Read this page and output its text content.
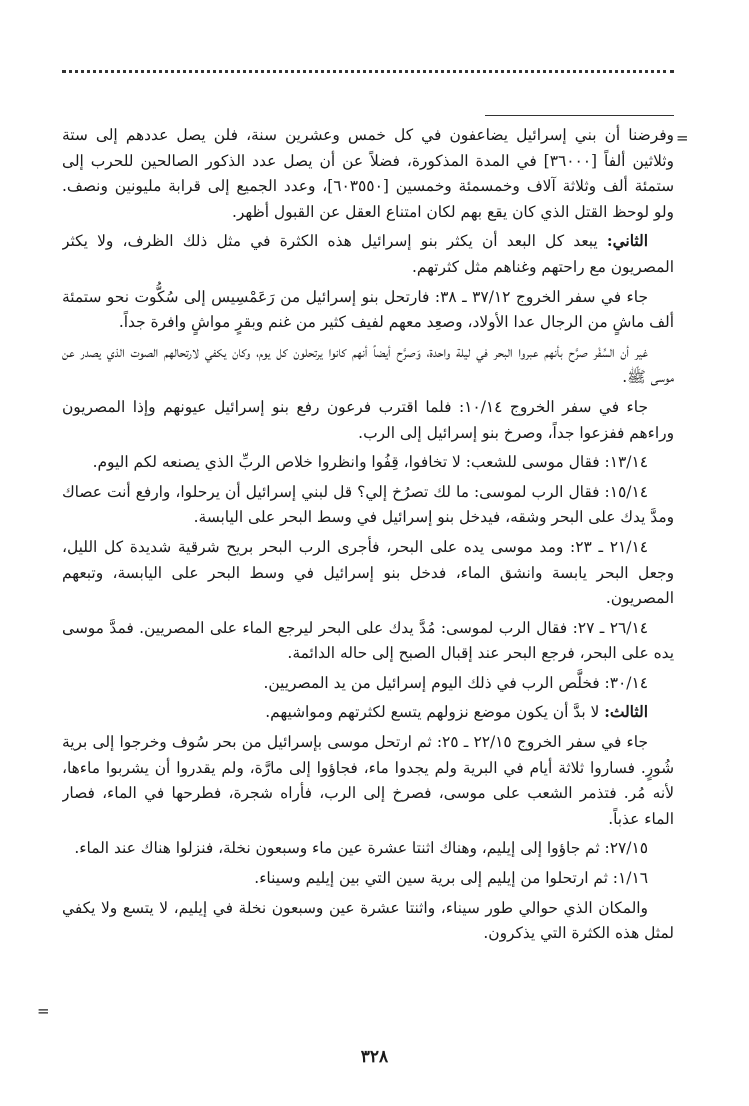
=

وفرضنا أن بني إسرائيل يضاعفون في كل خمس وعشرين سنة، فلن يصل عددهم إلى ستة وثلاثين ألفاً [٣٦٠٠٠] في المدة المذكورة، فضلاً عن أن يصل عدد الذكور الصالحين للحرب إلى ستمئة ألف وثلاثة آلاف وخمسمئة وخمسين [٦٠٣٥٥٠]، وعدد الجميع إلى قرابة مليونين ونصف. ولو لوحظ القتل الذي كان يقع بهم لكان امتناع العقل عن القبول أظهر.

الثاني: يبعد كل البعد أن يكثر بنو إسرائيل هذه الكثرة في مثل ذلك الظرف، ولا يكثر المصريون مع راحتهم وغناهم مثل كثرتهم.

جاء في سفر الخروج ٣٧/١٢ ـ ٣٨: فارتحل بنو إسرائيل من رَعَمْسِيس إلى سُكُّوت نحو ستمئة ألف ماشٍ من الرجال عدا الأولاد، وصعِد معهم لفيف كثير من غنم وبقرٍ مواشٍ وافرة جداً.

غير أن السِّفْر صرَّح بأنهم عبروا البحر في ليلة واحدة، وَصرَّح أيضاً أنهم كانوا يرتحلون كل يوم، وكان يكفي لارتحالهم الصوت الذي يصدر عن موسى ﷺ.

جاء في سفر الخروج ١٠/١٤: فلما اقترب فرعون رفع بنو إسرائيل عيونهم وإذا المصريون وراءهم ففزعوا جداً، وصرخ بنو إسرائيل إلى الرب.

١٣/١٤: فقال موسى للشعب: لا تخافوا، قِفُوا وانظروا خلاص الربِّ الذي يصنعه لكم اليوم.

١٥/١٤: فقال الرب لموسى: ما لك تصرُخ إلي؟ قل لبني إسرائيل أن يرحلوا، وارفع أنت عصاك ومدَّ يدك على البحر وشقه، فيدخل بنو إسرائيل في وسط البحر على اليابسة.

٢١/١٤ ـ ٢٣: ومد موسى يده على البحر، فأجرى الرب البحر بريح شرقية شديدة كل الليل، وجعل البحر يابسة وانشق الماء، فدخل بنو إسرائيل في وسط البحر على اليابسة، وتبعهم المصريون.

٢٦/١٤ ـ ٢٧: فقال الرب لموسى: مُدَّ يدك على البحر ليرجع الماء على المصريين. فمدَّ موسى يده على البحر، فرجع البحر عند إقبال الصبح إلى حاله الدائمة.

٣٠/١٤: فخلَّص الرب في ذلك اليوم إسرائيل من يد المصريين.

الثالث: لا بدَّ أن يكون موضع نزولهم يتسع لكثرتهم ومواشيهم.

جاء في سفر الخروج ٢٢/١٥ ـ ٢٥: ثم ارتحل موسى بإسرائيل من بحر سُوف وخرجوا إلى برية شُورٍ. فساروا ثلاثة أيام في البرية ولم يجدوا ماء، فجاؤوا إلى مارَّة، ولم يقدروا أن يشربوا ماءها، لأنه مُر. فتذمر الشعب على موسى، فصرخ إلى الرب، فأراه شجرة، فطرحها في الماء، فصار الماء عذباً.

٢٧/١٥: ثم جاؤوا إلى إيليم، وهناك اثنتا عشرة عين ماء وسبعون نخلة، فنزلوا هناك عند الماء.

١/١٦: ثم ارتحلوا من إيليم إلى برية سين التي بين إيليم وسيناء.

والمكان الذي حوالي طور سيناء، واثنتا عشرة عين وسبعون نخلة في إيليم، لا يتسع ولا يكفي لمثل هذه الكثرة التي يذكرون.

=
٣٢٨
